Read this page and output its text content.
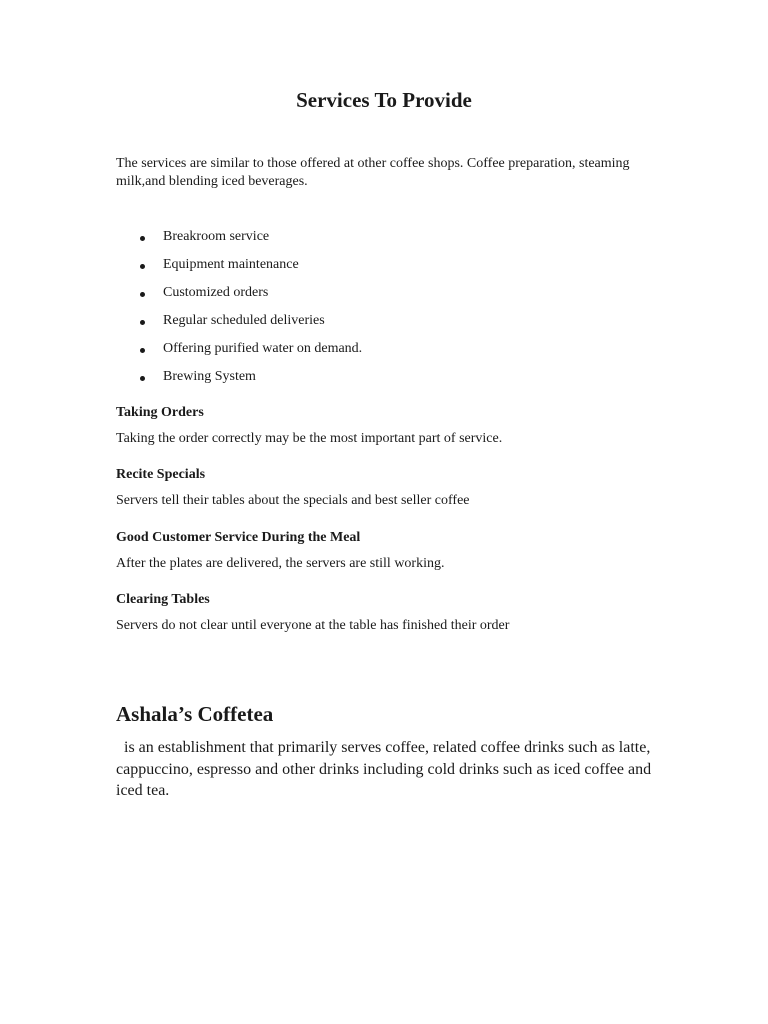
Services To Provide

The services are similar to those offered at other coffee shops. Coffee preparation, steaming milk,and blending iced beverages.

Breakroom service
Equipment maintenance
Customized orders
Regular scheduled deliveries
Offering purified water on demand.
Brewing System
Taking Orders

Taking the order correctly may be the most important part of service.

Recite Specials

Servers tell their tables about the specials and best seller coffee

Good Customer Service During the Meal

After the plates are delivered, the servers are still working.

Clearing Tables

Servers do not clear until everyone at the table has finished their order

Ashala’s Coffetea

is an establishment that primarily serves coffee, related coffee drinks such as latte, cappuccino, espresso and other drinks including cold drinks such as iced coffee and iced tea.
